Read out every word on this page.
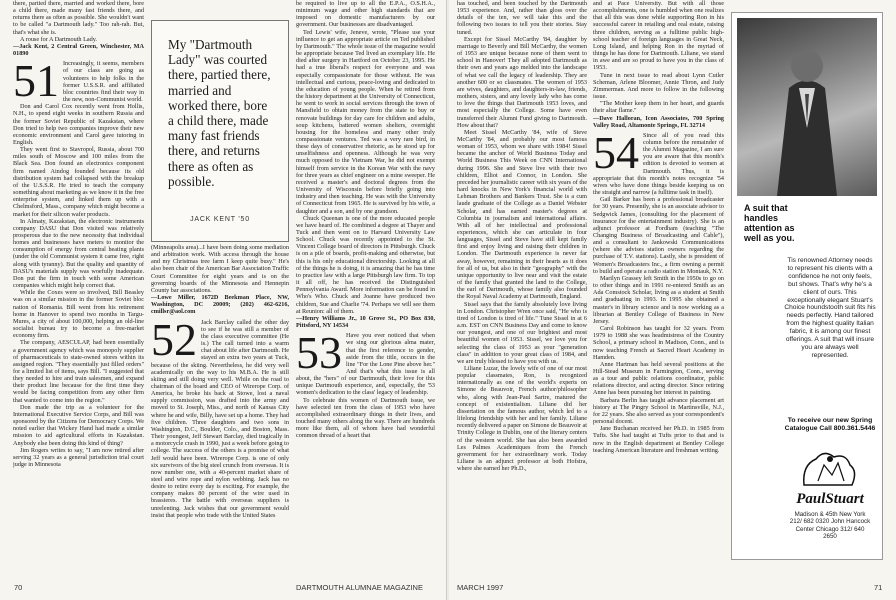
there, partied there, married and worked there, bore a child there, made many fast friends there, and returns there as often as possible. She wouldn't want to be called "a Dartmouth lady." Too rah-rah. But, that's what she is.

A rouse for A Dartmouth Lady.

—Jack Kent, 2 Central Green, Winchester, MA 01890

51 Increasingly, it seems, members of our class are going as volunteers to help folks in the former U.S.S.R. and affiliated bloc countries find their way in the new, non-Communist world.

Don and Carol Cox recently went from Hollis, N.H., to spend eight weeks in southern Russia and the former Soviet Republic of Kazakstan, where Don tried to help two companies improve their new economic environment and Carol gave tutoring in English.

They went first to Stavropol, Russia, about 700 miles south of Moscow and 100 miles from the Black Sea. Don found an electronics component firm named Aindog founded because its old distribution system had collapsed with the breakup of the U.S.S.R. He tried to teach the company something about marketing as we know it in the free enterprise system, and linked them up with a Chelmsford, Mass., company which might become a market for their silicon wafer products.

In Almaty, Kazakstan, the electronic instruments company DASU that Don visited was relatively prosperous due to the new necessity that individual homes and businesses have meters to monitor the consumption of energy from central heating plants (under the old Communist system it came free, right along with tyranny). But the quality and quantity of DASU's materials supply was woefully inadequate. Don put the firm in touch with some American companies which might help correct that.

While the Coxes were so involved, Bill Beasley was on a similar mission in the former Soviet bloc nation of Romania. Bill went from his retirement home in Hanover to spend two months in Targu-Mures, a city of about 100,000, helping an old-line socialist bureau try to become a free-market economy firm.

The company, AESCULAP, had been essentially a government agency which was monopoly supplier of pharmaceuticals to state-owned stores within its assigned region. "They essentially just filled orders" for a limited list of items, says Bill. "I suggested that they needed to hire and train salesmen, and expand their product line because for the first time they would be facing competition from any other firm that wanted to come into the region."

Don made the trip as a volunteer for the International Executive Service Corps, and Bill was sponsored by the Citizens for Democracy Corps. We noted earlier that Wickey Hand had made a similar mission to aid agricultural efforts in Kazakstan. Anybody else been doing this kind of thing?

Jim Rogers writes to say, "I am now retired after serving 32 years as a general jurisdiction trial court judge in Minnesota

My "Dartmouth Lady" was courted there, partied there, married and worked there, bore a child there, made many fast friends there, and returns there as often as possible.
JACK KENT '50

(Minneapolis area)...I have been doing some mediation and arbitration work. With access through the house and my Christmas tree farm I keep quite busy." He's also been chair of the American Bar Association Traffic Court Committee for eight years and is on the governing boards of the Minnesota and Hennepin County bar associations.

—Lowe Miller, 1672D Beekman Place, NW, Washington, DC 20009; (202) 462-6216, cmillsr@aol.com

52 Jack Barclay called the other day to see if he was still a member of the class executive committee (He is.) The call turned into a warm chat about life after Dartmouth. He stayed an extra two years at Tuck, because of the skiing. Nevertheless, he did very well academically on the way to his M.B.A. He is still skiing and still doing very well. While on the road to chairman of the board and CEO of Wirerope Corp. of America, he broke his back at Stowe, lost a naval supply commission, was drafted into the army and moved to St. Joseph, Miss., and north of Kansas City where he and wife, Billy, have set up a home. They had five children. Three daughters and two sons in Washington, D.C., Boulder, Colo., and Boston, Mass. Their youngest, Jeff Stewart Barclay, died tragically in a motorcycle crash in 1990, just a week before going to college. The success of the others is a promise of what Jeff would have been. Wirerope Corp. is one of only six survivors of the big steel crunch from overseas. It is now number one, with a 40-percent market share of steel and wire rope and nylon webbing. Jack has no desire to retire every day is exciting. For example, the company makes 80 percent of the wire used in brassieres. The battle with overseas suppliers is unrelenting. Jack wishes that our government would insist that people who trade with the United States

be required to live up to all the E.P.A., O.S.H.A., minimum wage and other high standards that are imposed on domestic manufacturers by our government. Our businesses are disadvantaged.

Ted Lewis' wife, Jeneve, wrote, "Please use your influence to get an appropriate article on Ted published by Dartmouth." The whole issue of the magazine would be appropriate because Ted lived an exemplary life. He died after surgery in Hartford on October 23, 1995. He had a true liberal's respect for everyone and was especially compassionate for those without. He was intellectual and curious, peace-loving and dedicated to the education of young people. When he retired from the history department at the University of Connecticut, he went to work in social services through the town of Mansfield to obtain money from the state to buy or renovate buildings for day care for children and adults, soup kitchens, battered women shelters, overnight housing for the homeless and many other truly compassionate ventures. Ted was a very rare bird, in these days of conservative rhetoric, as he stood up for unselfishness and openness. Although he was very much opposed to the Vietnam War, he did not exempt himself from service in the Korean War with the navy for three years as chief engineer on a mine sweeper. He received a master's and doctoral degrees from the University of Wisconsin before briefly going into industry and then teaching. He was with the University of Connecticut from 1965. He is survived by his wife, a daughter and a son, and by one grandson.

Chuck Queenan is one of the more educated people we have heard of. He combined a degree at Thayer and Tuck and then went on to Harvard University Law School. Chuck was recently appointed to the St. Vincent College board of directors in Pittsburgh. Chuck is on a pile of boards, profit-making and otherwise, but this is his only educational directorship. Looking at all of the things he is doing, it is amazing that he has time to practice law with a large Pittsburgh law firm. To top it all off, he has received the Distinguished Pennsylvania Award. More information can be found in Who's Who. Chuck and Joanne have produced two children, Sue and Charlie '74. Perhaps we will see them at Reunion: all of them.

—Henry Williams Jr., 10 Grove St., PO Box 830, Pittsford, NY 14534

53 Have you ever noticed that when we sing our glorious alma mater, that the first reference to gender, aside from the title, occurs in the line "For the Lone Pine above her." And that's what this issue is all about, the "hers" of our Dartmouth, their love for this unique Dartmouth experience, and, especially, the '53 women's dedication to the class' legacy of leadership.

To celebrate this women of Dartmouth issue, we have selected ten from the class of 1953 who have accomplished extraordinary things in their lives, and touched many others along the way. There are hundreds more like them, all of whom have had wonderful common thread of a heart that

70	DARTMOUTH ALUMNAE MAGAZINE

has touched, and been touched by the Dartmouth 1953 experience. And, rather than gloss over the details of the ten, we will take this and the following two issues to tell you their stories. Stay tuned.

Except for Sissel McCarthy '84, daughter by marriage to Beverly and Bill McCarthy, the women of 1953 are unique because none of them went to school in Hanover! They all adopted Dartmouth as their own and years ago melded into the landscape of what we call the legacy of leadership. They are another 600 or so classmates. The women of 1953 are wives, daughters, and daughters-in-law, friends, mothers, sisters, and any lovely lady who has come to love the things that Dartmouth 1953 loves, and most especially the College. Some have even transferred their Alumni Fund giving to Dartmouth. How about that?

Meet Sissel McCarthy '84, wife of Steve McCarthy '84, and probably our most famous woman of 1953, whom we share with 1984! Sissel became the anchor of World Business Today and World Business This Week on CNN International during 1996. She and Steve live with their two children, Elliot and Connor, in London. She preceded her journalistic career with six years of the hard knocks in New York's financial world with Lehman Brothers and Bankers Trust. She is a cum laude graduate of the College as a Daniel Webster Scholar, and has earned master's degrees at Columbia in journalism and international affairs. With all of her intellectual and professional experiences, which she can articulate in four languages, Sissel and Steve have still kept family first and enjoy living and raising their children in London. The Dartmouth experience is never far away, however, remaining in their hearts as it does for all of us, but also in their "geography" with the unique opportunity to live near and visit the estate of the family that granted the land to the College, the earl of Dartmouth, whose family also founded the Royal Naval Academy at Dartmouth, England.

Sissel says that the family absolutely love living in London. Christopher Wren once said, "He who is tired of London is tired of life." Tune Sissel in at 6 a.m. EST on CNN Business Day and come to know our youngest, and one of our brightest and most beautiful women of 1953. Sissel, we love you for selecting the class of 1953 as your "generation class" in addition to your great class of 1984, and we are truly blessed to have you with us.

Liliane Luzar, the lovely wife of one of our most popular classmates, Ron, is recognized internationally as one of the world's experts on Simone de Beauvoir, French author/philosopher who, along with Jean-Paul Sartre, matured the concept of existentialism. Liliane did her dissertation on the famous author, which led to a lifelong friendship with her and her family. Liliane recently delivered a paper on Simone de Beauvoir at Trinity College in Dublin, one of the literary centers of the western world. She has also been awarded Les Palmes Academiques from the French government for her extraordinary work. Today Liliane is an adjunct professor at both Hofstra, where she earned her Ph.D.,

and at Pace University. But with all those accomplishments, one is humbled when one realizes that all this was done while supporting Ron in his successful career in retailing and real estate, raising three children, serving as a fulltime public high-school teacher of foreign languages in Great Neck, Long Island, and helping Ron in the myriad of things he has done for Dartmouth. Liliane, we stand in awe and are so proud to have you in the class of 1953.

Tune in next issue to read about Lynn Cutler Scheman, Arlene Bloomer, Annie Thron, and Judy Zimmerman. And more to follow in the following issue.

"The Mother keep them in her heart, and guards their altar flame."

—Dave Halloran, Icon Associates, 700 Spring Valley Road, Altamonte Springs, FL 32714

54 Since all of you read this column before the remainder of the Alumni Magazine, I am sure you are aware that this month's edition is devoted to women at Dartmouth. Thus, it is appropriate that this month's notes recognize '54 wives who have done things beside keeping us on the straight and narrow (a fulltime task in itself).

Gail Barker has been a professional broadcaster for 30 years. Presently, she is an associate advisor to Sedgwick James, (consulting for the placement of insurance for the entertainment industry). She is an adjunct professor at Fordham (teaching "The Changing Business of Broadcasting and Cable"), and a consultant to Jankowski Communications (where she advises station owners regarding the purchase of T.V. stations). Lastly, she is president of Women's Broadcasters Inc., a firm owning a permit to build and operate a radio station in Montauk, N.Y.

Marilyn Grassey left Smith in the 1950s to go on to other things and in 1991 re-entered Smith as an Ada Comstock Scholar, living as a student at Smith and graduating in 1993. In 1995 she obtained a master's in library science and is now working as a librarian at Bentley College of Business in New Jersey.

Carol Robinson has taught for 32 years. From 1979 to 1988 she was headmistress of the Country School, a primary school in Madison, Conn., and is now teaching French at Sacred Heart Academy in Hamden.

Anne Hartman has held several positions at the Hill-Stead Museum in Farmington, Conn., serving as a tour and public relations coordinator, public relations director, and acting director. Since retiring Anne has been pursuing her interest in painting.

Barbara Berlin has taught advance placement art history at The Pingry School in Martinsville, N.J., for 22 years. She also served as your correspondent's personal docent.

Jane Buchanan received her Ph.D. in 1985 from Tufts. She had taught at Tufts prior to that and is now in the English department at Bentley College teaching American literature and freshman writing.

A suit that handles attention as well as you.
Tis renowned Attorney needs to represent his clients with a confidence he not only feels, but shows. That's why he's a client of ours. This exceptionally elegant Stuart's Choice houndstooth suit fits his needs perfectly. Hand tailored from the highest quality Italian fabric, it is among our finest offerings. A suit that will insure you are always well represented.
To receive our new Spring Catalogue Call 800.361.5446
PaulStuart
Madison & 45th New York 212/ 682 0320 John Hancock Center Chicago 312/ 640 2650
MARCH 1997	71
